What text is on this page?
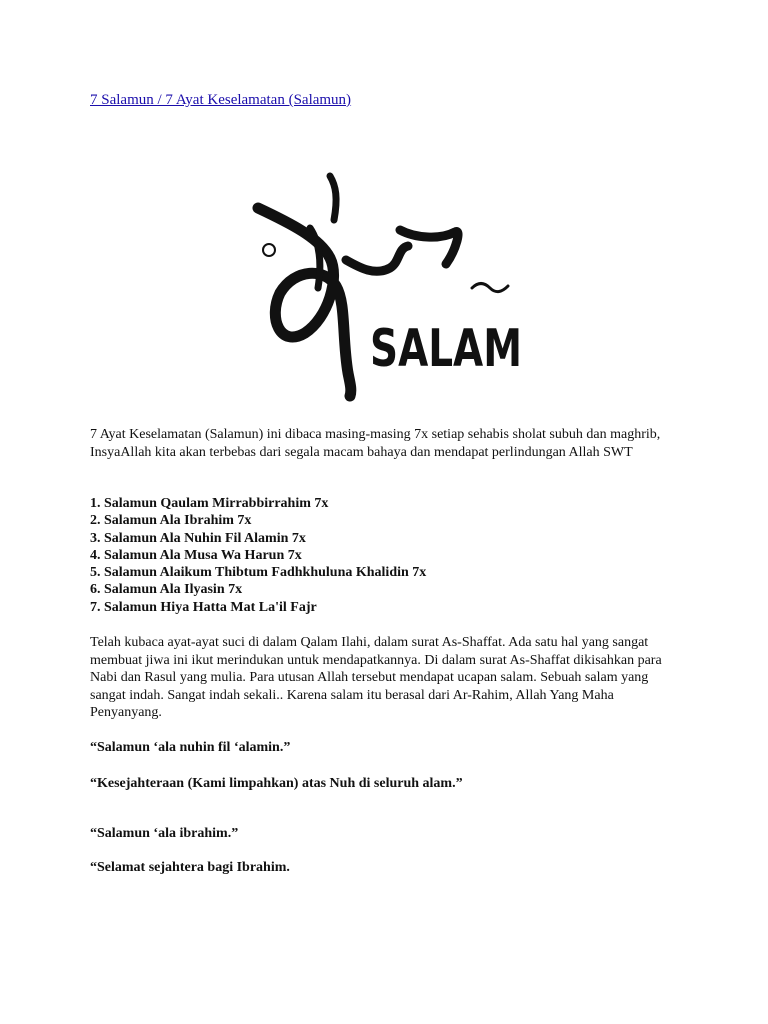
7 Salamun / 7 Ayat Keselamatan (Salamun)
SALAM
7 Ayat Keselamatan (Salamun) ini dibaca masing-masing 7x setiap sehabis sholat subuh dan maghrib, InsyaAllah kita akan terbebas dari segala macam bahaya dan mendapat perlindungan Allah SWT
1. Salamun Qaulam Mirrabbirrahim 7x
2. Salamun Ala Ibrahim 7x
3. Salamun Ala Nuhin Fil Alamin 7x
4. Salamun Ala Musa Wa Harun 7x
5. Salamun Alaikum Thibtum Fadhkhuluna Khalidin 7x
6. Salamun Ala Ilyasin 7x
7. Salamun Hiya Hatta Mat La'il Fajr
Telah kubaca ayat-ayat suci di dalam Qalam Ilahi, dalam surat As-Shaffat. Ada satu hal yang sangat membuat jiwa ini ikut merindukan untuk mendapatkannya. Di dalam surat As-Shaffat dikisahkan para Nabi dan Rasul yang mulia. Para utusan Allah tersebut mendapat ucapan salam. Sebuah salam yang sangat indah. Sangat indah sekali.. Karena salam itu berasal dari Ar-Rahim, Allah Yang Maha Penyanyang.
“Salamun ‘ala nuhin fil ‘alamin.”
“Kesejahteraan (Kami limpahkan) atas Nuh di seluruh alam.”
“Salamun ‘ala ibrahim.”
“Selamat sejahtera bagi Ibrahim.
